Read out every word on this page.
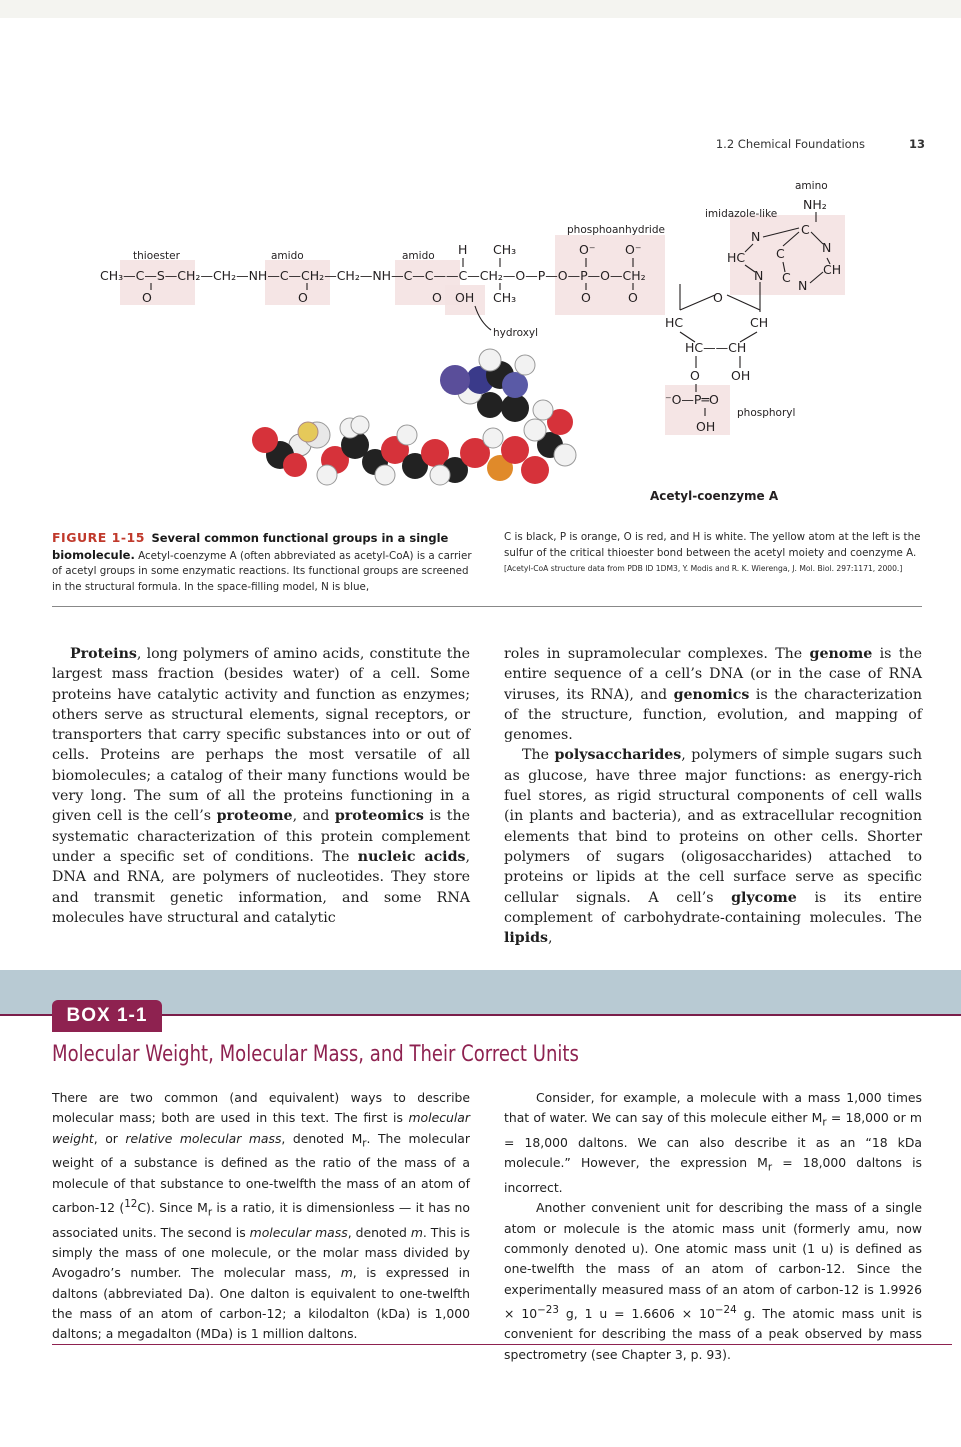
1.2 Chemical Foundations	13
thioester	amido	amido
phosphoanhydride
imidazole-like
amino
hydroxyl
phosphoryl
CH₃—C—S—CH₂—CH₂—NH—C—CH₂—CH₂—NH—C—C——C—CH₂—O—P—O—P—O—CH₂
O	O	O OH CH₃
CH₃
H	O⁻ O⁻
O	O	O
HC	CH
HC——CH
O OH
⁻O—P═O
OH
NH₂
C
N
N
HC C
CH
N C
N
Acetyl-coenzyme A
FIGURE 1-15 Several common functional groups in a single biomolecule. Acetyl-coenzyme A (often abbreviated as acetyl-CoA) is a carrier of acetyl groups in some enzymatic reactions. Its functional groups are screened in the structural formula. In the space-filling model, N is blue,
C is black, P is orange, O is red, and H is white. The yellow atom at the left is the sulfur of the critical thioester bond between the acetyl moiety and coenzyme A. [Acetyl-CoA structure data from PDB ID 1DM3, Y. Modis and R. K. Wierenga, J. Mol. Biol. 297:1171, 2000.]

Proteins, long polymers of amino acids, constitute the largest mass fraction (besides water) of a cell. Some proteins have catalytic activity and function as enzymes; others serve as structural elements, signal receptors, or transporters that carry specific substances into or out of cells. Proteins are perhaps the most versatile of all biomolecules; a catalog of their many functions would be very long. The sum of all the proteins functioning in a given cell is the cell’s proteome, and proteomics is the systematic characterization of this protein complement under a specific set of conditions. The nucleic acids, DNA and RNA, are polymers of nucleotides. They store and transmit genetic information, and some RNA molecules have structural and catalytic

roles in supramolecular complexes. The genome is the entire sequence of a cell’s DNA (or in the case of RNA viruses, its RNA), and genomics is the characterization of the structure, function, evolution, and mapping of genomes.

The polysaccharides, polymers of simple sugars such as glucose, have three major functions: as energy-rich fuel stores, as rigid structural components of cell walls (in plants and bacteria), and as extracellular recognition elements that bind to proteins on other cells. Shorter polymers of sugars (oligosaccharides) attached to proteins or lipids at the cell surface serve as specific cellular signals. A cell’s glycome is its entire complement of carbohydrate-containing molecules. The lipids,

BOX 1-1
Molecular Weight, Molecular Mass, and Their Correct Units

There are two common (and equivalent) ways to describe molecular mass; both are used in this text. The first is molecular weight, or relative molecular mass, denoted $M_r$. The molecular weight of a substance is defined as the ratio of the mass of a molecule of that substance to one-twelfth the mass of an atom of carbon-12 ($^{12}$C). Since $M_r$ is a ratio, it is dimensionless — it has no associated units. The second is molecular mass, denoted m. This is simply the mass of one molecule, or the molar mass divided by Avogadro’s number. The molecular mass, m, is expressed in daltons (abbreviated Da). One dalton is equivalent to one-twelfth the mass of an atom of carbon-12; a kilodalton (kDa) is 1,000 daltons; a megadalton (MDa) is 1 million daltons.

Consider, for example, a molecule with a mass 1,000 times that of water. We can say of this molecule either $M_r = 18,000$ or m = 18,000 daltons. We can also describe it as an “18 kDa molecule.” However, the expression $M_r = 18,000$ daltons is incorrect.

Another convenient unit for describing the mass of a single atom or molecule is the atomic mass unit (formerly amu, now commonly denoted u). One atomic mass unit (1 u) is defined as one-twelfth the mass of an atom of carbon-12. Since the experimentally measured mass of an atom of carbon-12 is $1.9926 \times 10^{-23}$ g, 1 $u = 1.6606 \times 10^{-24}$ g. The atomic mass unit is convenient for describing the mass of a peak observed by mass spectrometry (see Chapter 3, p. 93).
